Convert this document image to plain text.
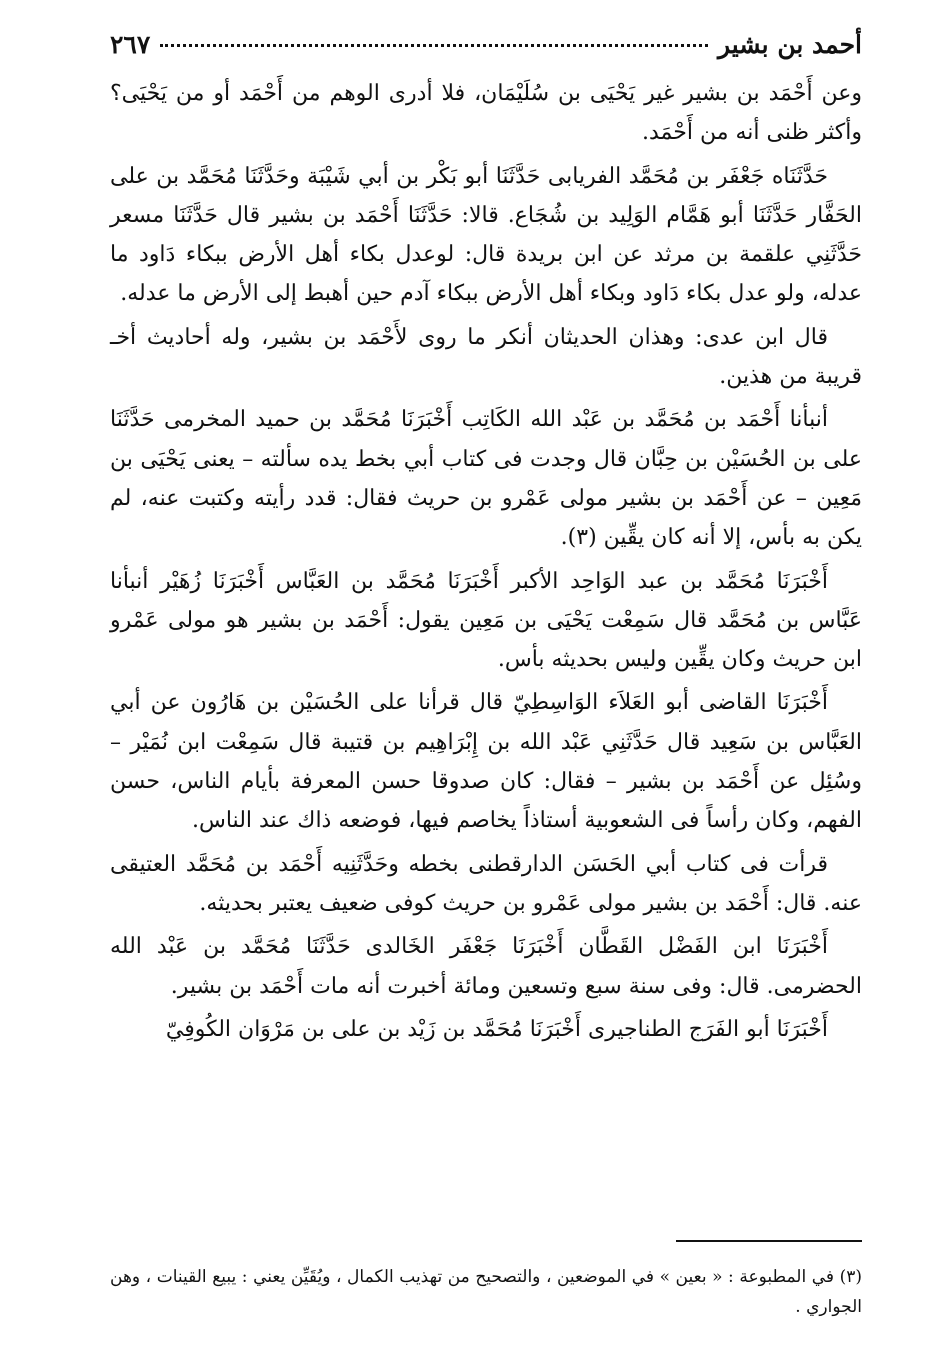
أحمد بن بشير
٢٦٧

وعن أَحْمَد بن بشير غير يَحْيَى بن سُلَيْمَان، فلا أدرى الوهم من أَحْمَد أو من يَحْيَى؟ وأكثر ظنى أنه من أَحْمَد.

حَدَّثَنَاه جَعْفَر بن مُحَمَّد الفريابى حَدَّثَنَا أبو بَكْر بن أبي شَيْبَة وحَدَّثَنَا مُحَمَّد بن على الحَفَّار حَدَّثَنَا أبو هَمَّام الوَلِيد بن شُجَاع. قالا: حَدَّثَنَا أَحْمَد بن بشير قال حَدَّثَنَا مسعر حَدَّثَنِي علقمة بن مرثد عن ابن بريدة قال: لوعدل بكاء أهل الأرض ببكاء دَاود ما عدله، ولو عدل بكاء دَاود وبكاء أهل الأرض ببكاء آدم حين أهبط إلى الأرض ما عدله.

قال ابن عدى: وهذان الحديثان أنكر ما روى لأَحْمَد بن بشير، وله أحاديث أخـ قريبة من هذين.

أنبأنا أَحْمَد بن مُحَمَّد بن عَبْد الله الكَاتِب أَخْبَرَنَا مُحَمَّد بن حميد المخرمى حَدَّثَنَا على بن الحُسَيْن بن حِبَّان قال وجدت فى كتاب أبي بخط يده سألته – يعنى يَحْيَى بن مَعِين – عن أَحْمَد بن بشير مولى عَمْرو بن حريث فقال: قدد رأيته وكتبت عنه، لم يكن به بأس، إلا أنه كان يقِّين (٣).

أَخْبَرَنَا مُحَمَّد بن عبد الوَاحِد الأكبر أَخْبَرَنَا مُحَمَّد بن العَبَّاس أَخْبَرَنَا زُهَيْر أنبأنا عَبَّاس بن مُحَمَّد قال سَمِعْت يَحْيَى بن مَعِين يقول: أَحْمَد بن بشير هو مولى عَمْرو ابن حريث وكان يقِّين وليس بحديثه بأس.

أَخْبَرَنَا القاضى أبو العَلاَء الوَاسِطِيّ قال قرأنا على الحُسَيْن بن هَارُون عن أبي العَبَّاس بن سَعِيد قال حَدَّثَنِي عَبْد الله بن إِبْرَاهِيم بن قتيبة قال سَمِعْت ابن نُمَيْر – وسُئِل عن أَحْمَد بن بشير – فقال: كان صدوقا حسن المعرفة بأيام الناس، حسن الفهم، وكان رأساً فى الشعوبية أستاذاً يخاصم فيها، فوضعه ذاك عند الناس.

قرأت فى كتاب أبي الحَسَن الدارقطنى بخطه وحَدَّثَنِيه أَحْمَد بن مُحَمَّد العتيقى عنه. قال: أَحْمَد بن بشير مولى عَمْرو بن حريث كوفى ضعيف يعتبر بحديثه.

أَخْبَرَنَا ابن الفَضْل القَطَّان أَخْبَرَنَا جَعْفَر الخَالدى حَدَّثَنَا مُحَمَّد بن عَبْد الله الحضرمى. قال: وفى سنة سبع وتسعين ومائة أخبرت أنه مات أَحْمَد بن بشير.

أَخْبَرَنَا أبو الفَرَج الطناجيرى أَخْبَرَنَا مُحَمَّد بن زَيْد بن على بن مَرْوَان الكُوفِيّ

(٣) في المطبوعة : « بعين » في الموضعين ، والتصحيح من تهذيب الكمال ، ويُقَيِّن يعني : يبيع القينات ، وهن الجواري .
